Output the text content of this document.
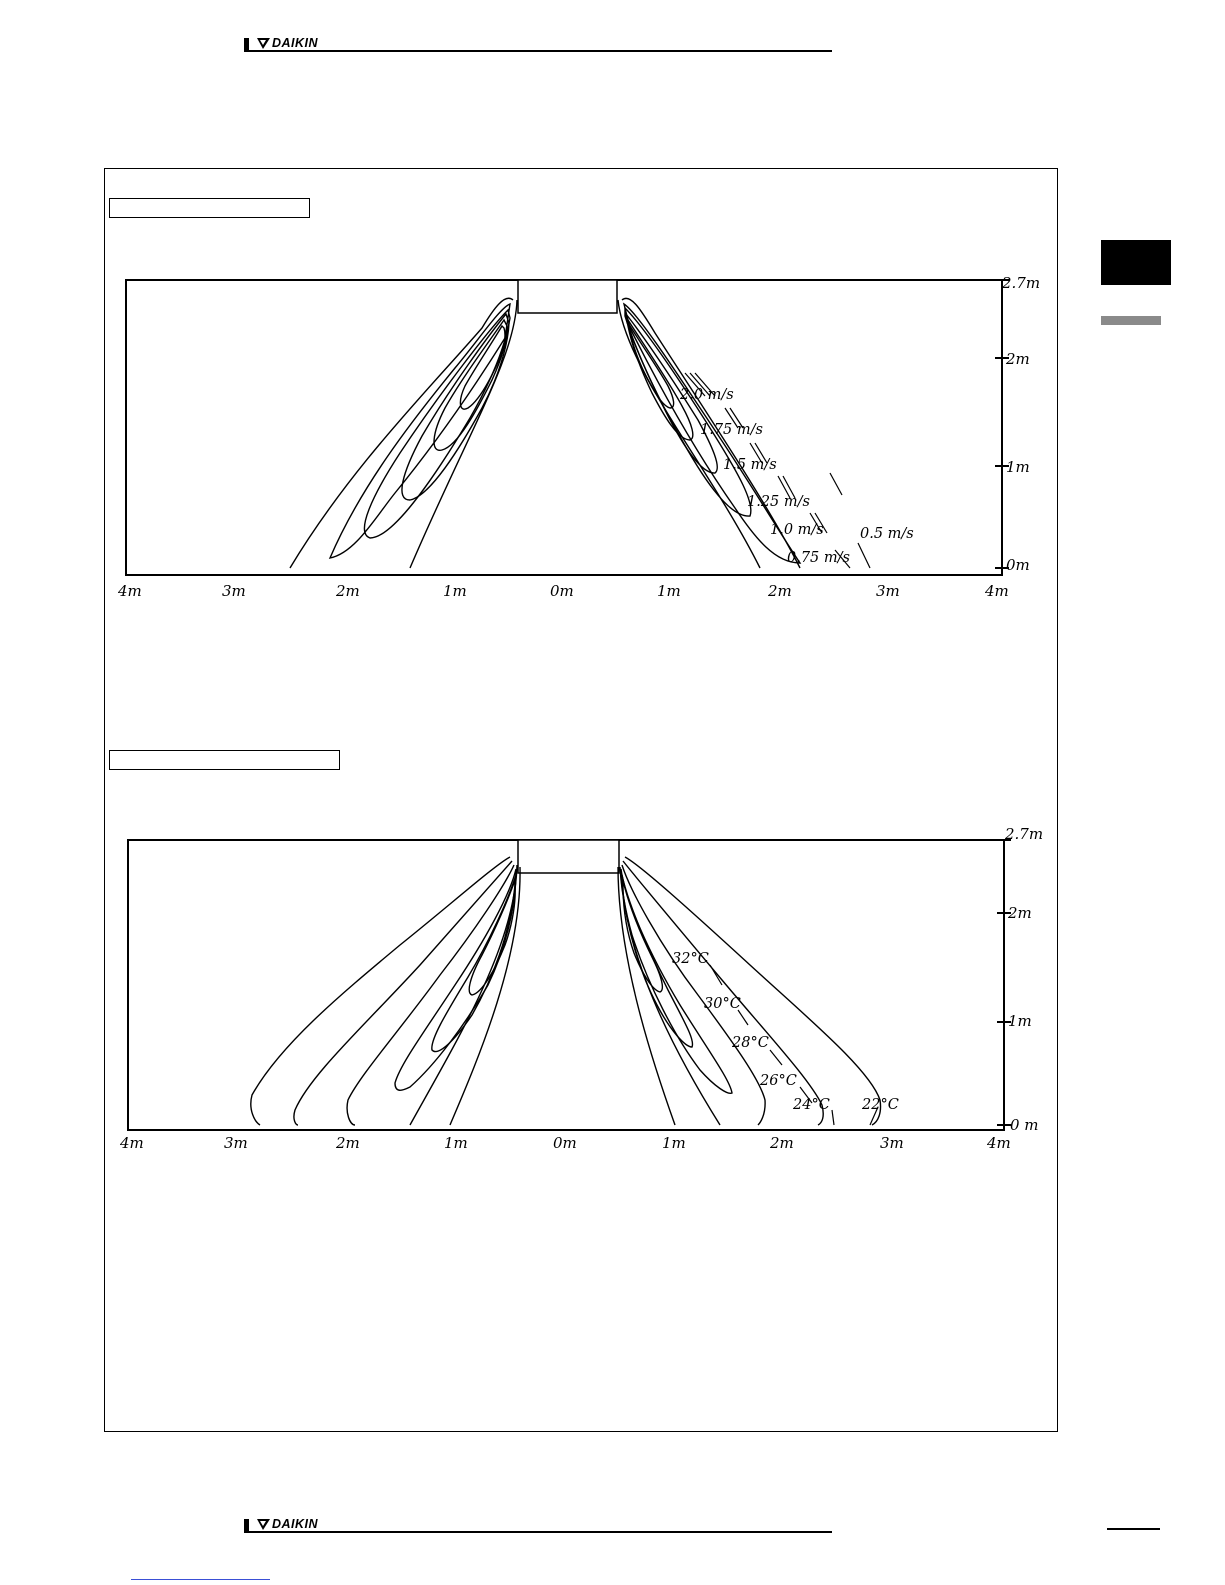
DAIKIN
2.0 m/s
1.75 m/s
1.5 m/s
1.25 m/s
1.0 m/s
0.75 m/s
0.5 m/s
4m	3m	2m	1m	0m	1m	2m	3m	4m
2.7m
2m
1m
0m
32°C
30°C
28°C
26°C
24°C 22°C
4m	3m	2m	1m	0m	1m	2m	3m	4m
2.7m
2m
1m
0 m
DAIKIN
